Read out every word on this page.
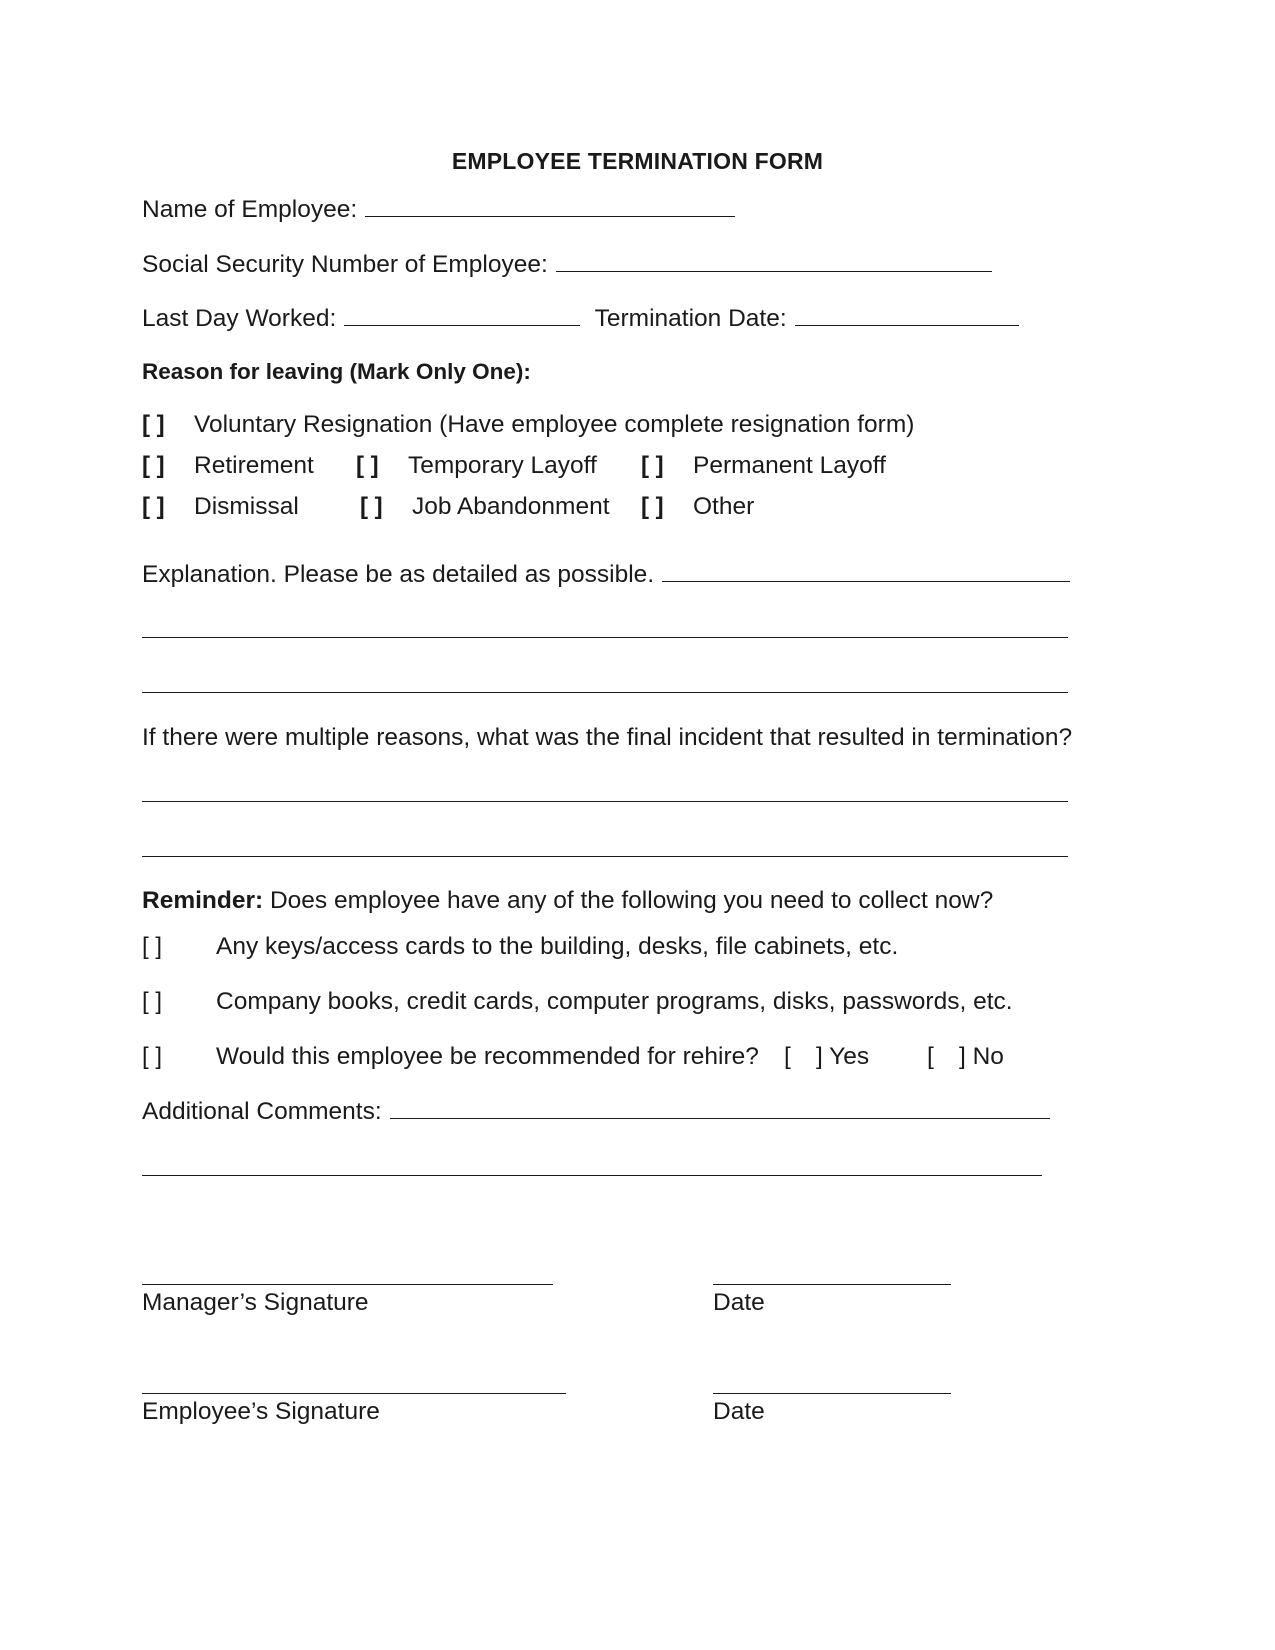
EMPLOYEE TERMINATION FORM
Name of Employee:
Social Security Number of Employee:
Last Day Worked:	Termination Date:
Reason for leaving (Mark Only One):
[ ] Voluntary Resignation (Have employee complete resignation form)
[ ] Retirement [ ] Temporary Layoff [ ] Permanent Layoff
[ ] Dismissal	[ ] Job Abandonment [ ] Other
Explanation. Please be as detailed as possible.
If there were multiple reasons, what was the final incident that resulted in termination?
Reminder: Does employee have any of the following you need to collect now?
[ ] Any keys/access cards to the building, desks, file cabinets, etc.
[ ] Company books, credit cards, computer programs, disks, passwords, etc.
[ ] Would this employee be recommended for rehire? [ ] Yes [ ] No
Additional Comments:
Manager’s Signature	Date
Employee’s Signature	Date
